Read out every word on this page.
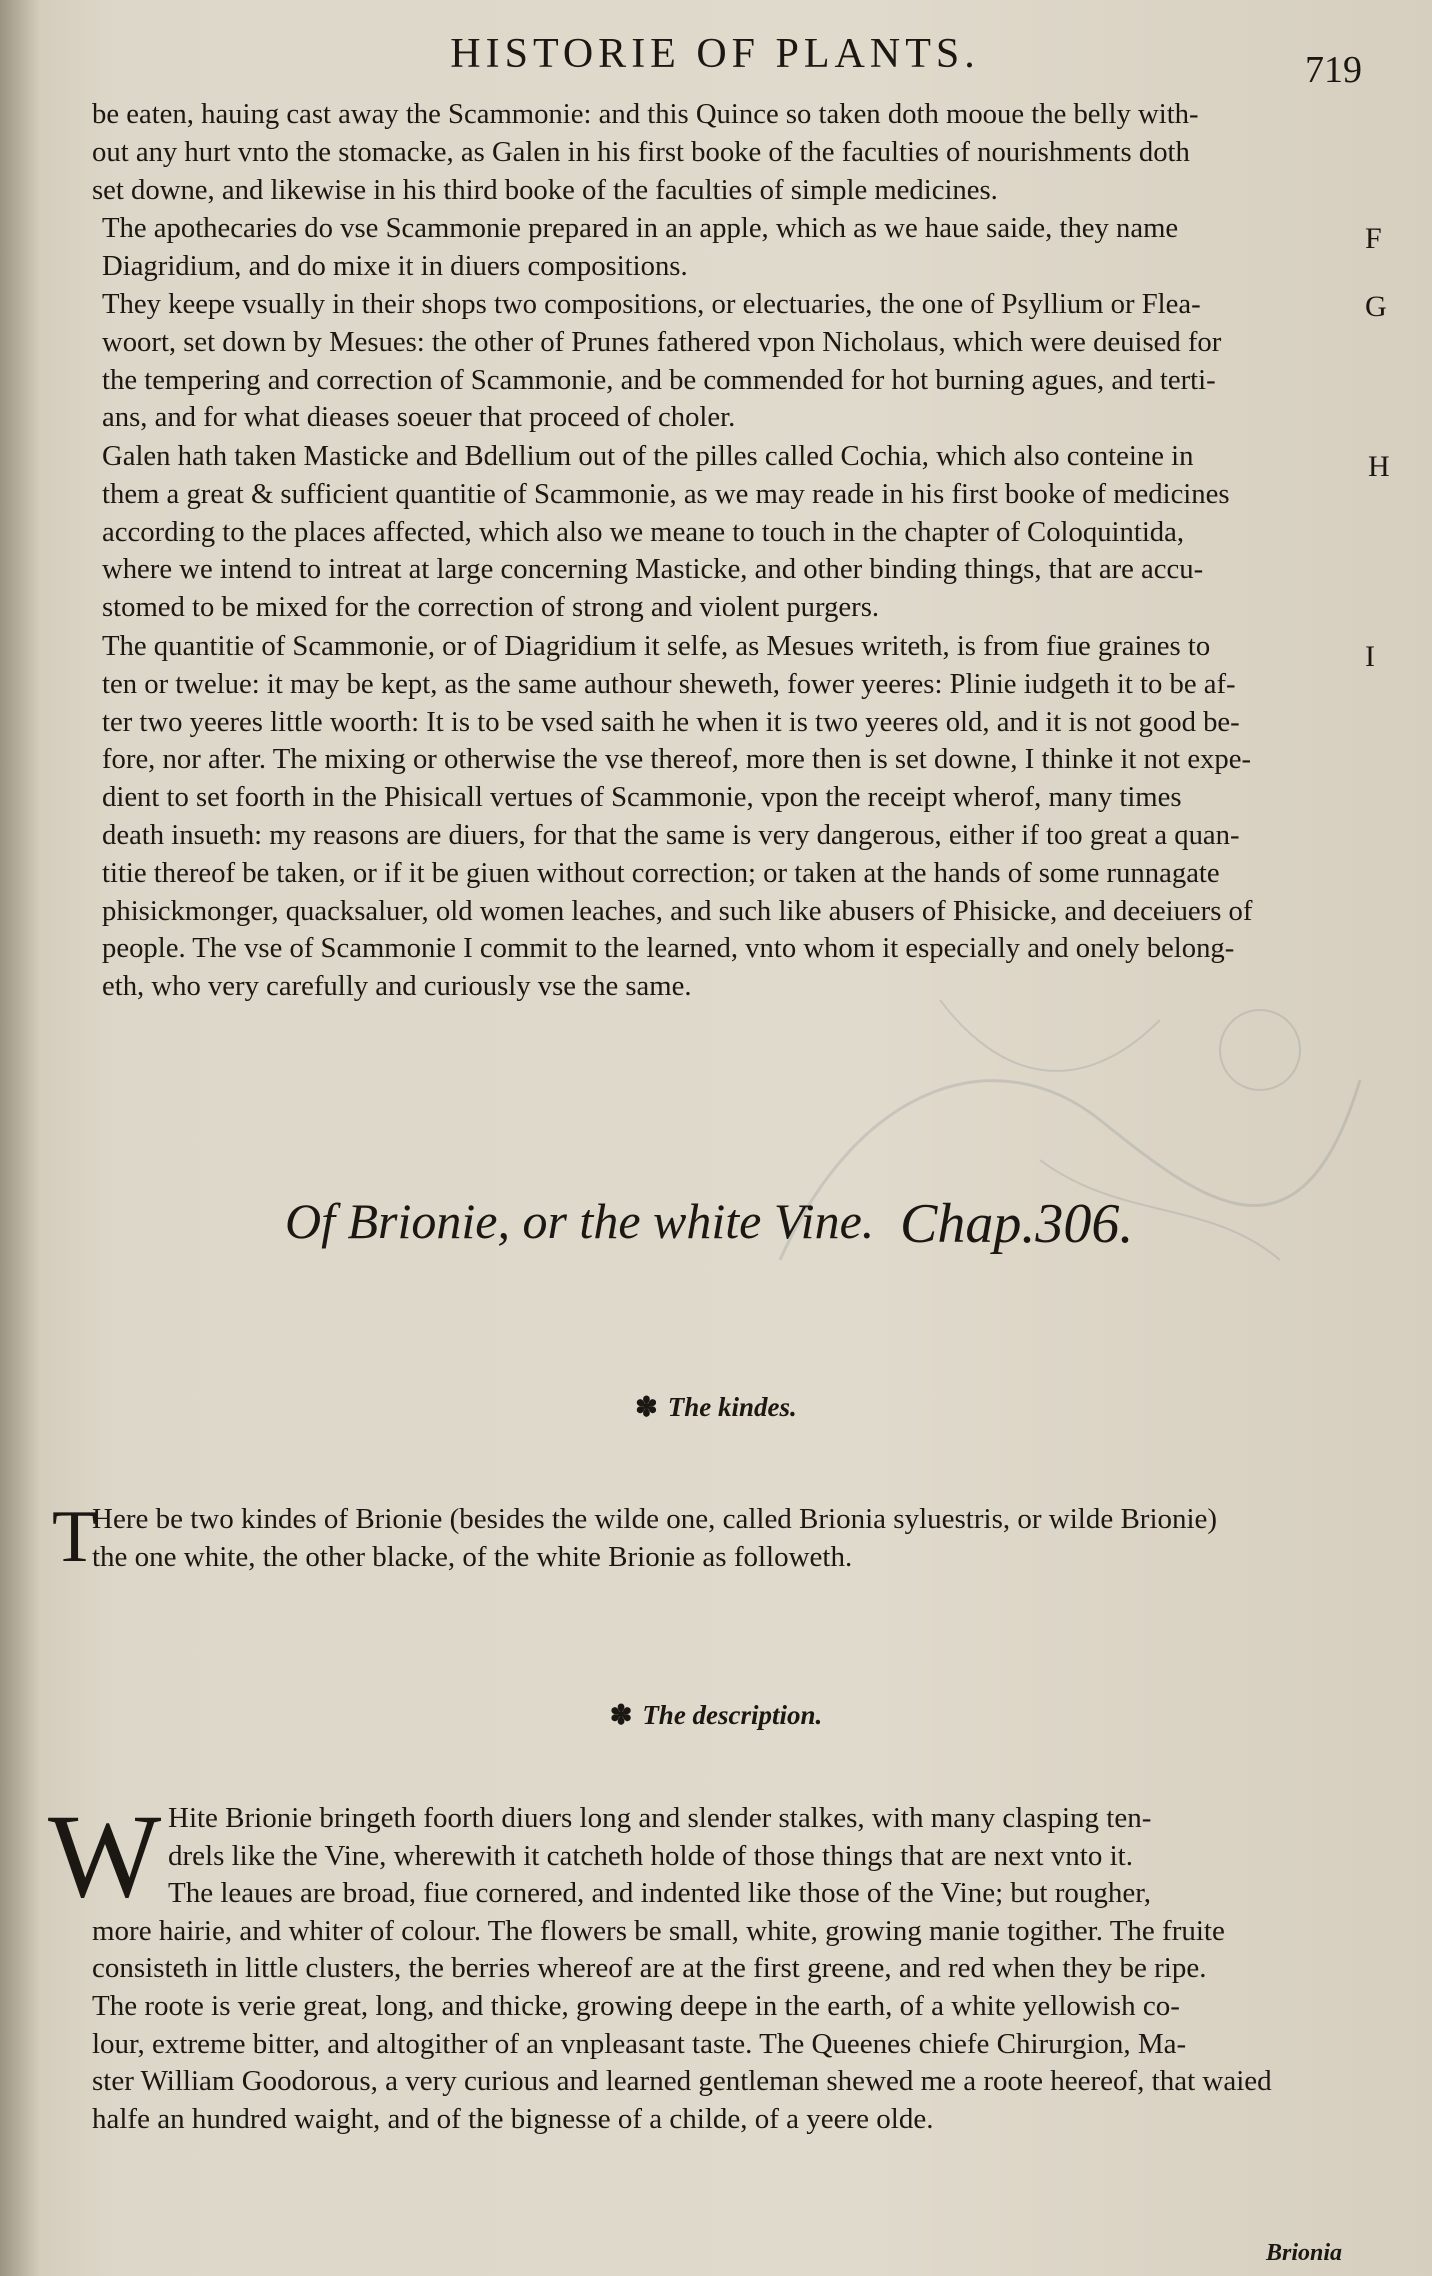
HISTORIE OF PLANTS.	719
be eaten, hauing cast away the Scammonie: and this Quince so taken doth mooue the belly with-
out any hurt vnto the stomacke, as Galen in his first booke of the faculties of nourishments doth
set downe, and likewise in his third booke of the faculties of simple medicines.
The apothecaries do vse Scammonie prepared in an apple, which as we haue saide, they name
Diagridium, and do mixe it in diuers compositions.
F
They keepe vsually in their shops two compositions, or electuaries, the one of Psyllium or Flea-
woort, set down by Mesues: the other of Prunes fathered vpon Nicholaus, which were deuised for
the tempering and correction of Scammonie, and be commended for hot burning agues, and terti-
ans, and for what dieases soeuer that proceed of choler.
G
Galen hath taken Masticke and Bdellium out of the pilles called Cochia, which also conteine in
them a great & sufficient quantitie of Scammonie, as we may reade in his first booke of medicines
according to the places affected, which also we meane to touch in the chapter of Coloquintida,
where we intend to intreat at large concerning Masticke, and other binding things, that are accu-
stomed to be mixed for the correction of strong and violent purgers.
H
The quantitie of Scammonie, or of Diagridium it selfe, as Mesues writeth, is from fiue graines to
ten or twelue: it may be kept, as the same authour sheweth, fower yeeres: Plinie iudgeth it to be af-
ter two yeeres little woorth: It is to be vsed saith he when it is two yeeres old, and it is not good be-
fore, nor after. The mixing or otherwise the vse thereof, more then is set downe, I thinke it not expe-
dient to set foorth in the Phisicall vertues of Scammonie, vpon the receipt wherof, many times
death insueth: my reasons are diuers, for that the same is very dangerous, either if too great a quan-
titie thereof be taken, or if it be giuen without correction; or taken at the hands of some runnagate
phisickmonger, quacksaluer, old women leaches, and such like abusers of Phisicke, and deceiuers of
people. The vse of Scammonie I commit to the learned, vnto whom it especially and onely belong-
eth, who very carefully and curiously vse the same.
I
Of Brionie, or the white Vine. Chap.306.
✽ The kindes.
T
Here be two kindes of Brionie (besides the wilde one, called Brionia syluestris, or wilde Brionie)
the one white, the other blacke, of the white Brionie as followeth.
✽ The description.
W Hite Brionie bringeth foorth diuers long and slender stalkes, with many clasping ten-
drels like the Vine, wherewith it catcheth holde of those things that are next vnto it.
The leaues are broad, fiue cornered, and indented like those of the Vine; but rougher,
more hairie, and whiter of colour. The flowers be small, white, growing manie togither. The fruite
consisteth in little clusters, the berries whereof are at the first greene, and red when they be ripe.
The roote is verie great, long, and thicke, growing deepe in the earth, of a white yellowish co-
lour, extreme bitter, and altogither of an vnpleasant taste. The Queenes chiefe Chirurgion, Ma-
ster William Goodorous, a very curious and learned gentleman shewed me a roote heereof, that waied
halfe an hundred waight, and of the bignesse of a childe, of a yeere olde.
Brionia
